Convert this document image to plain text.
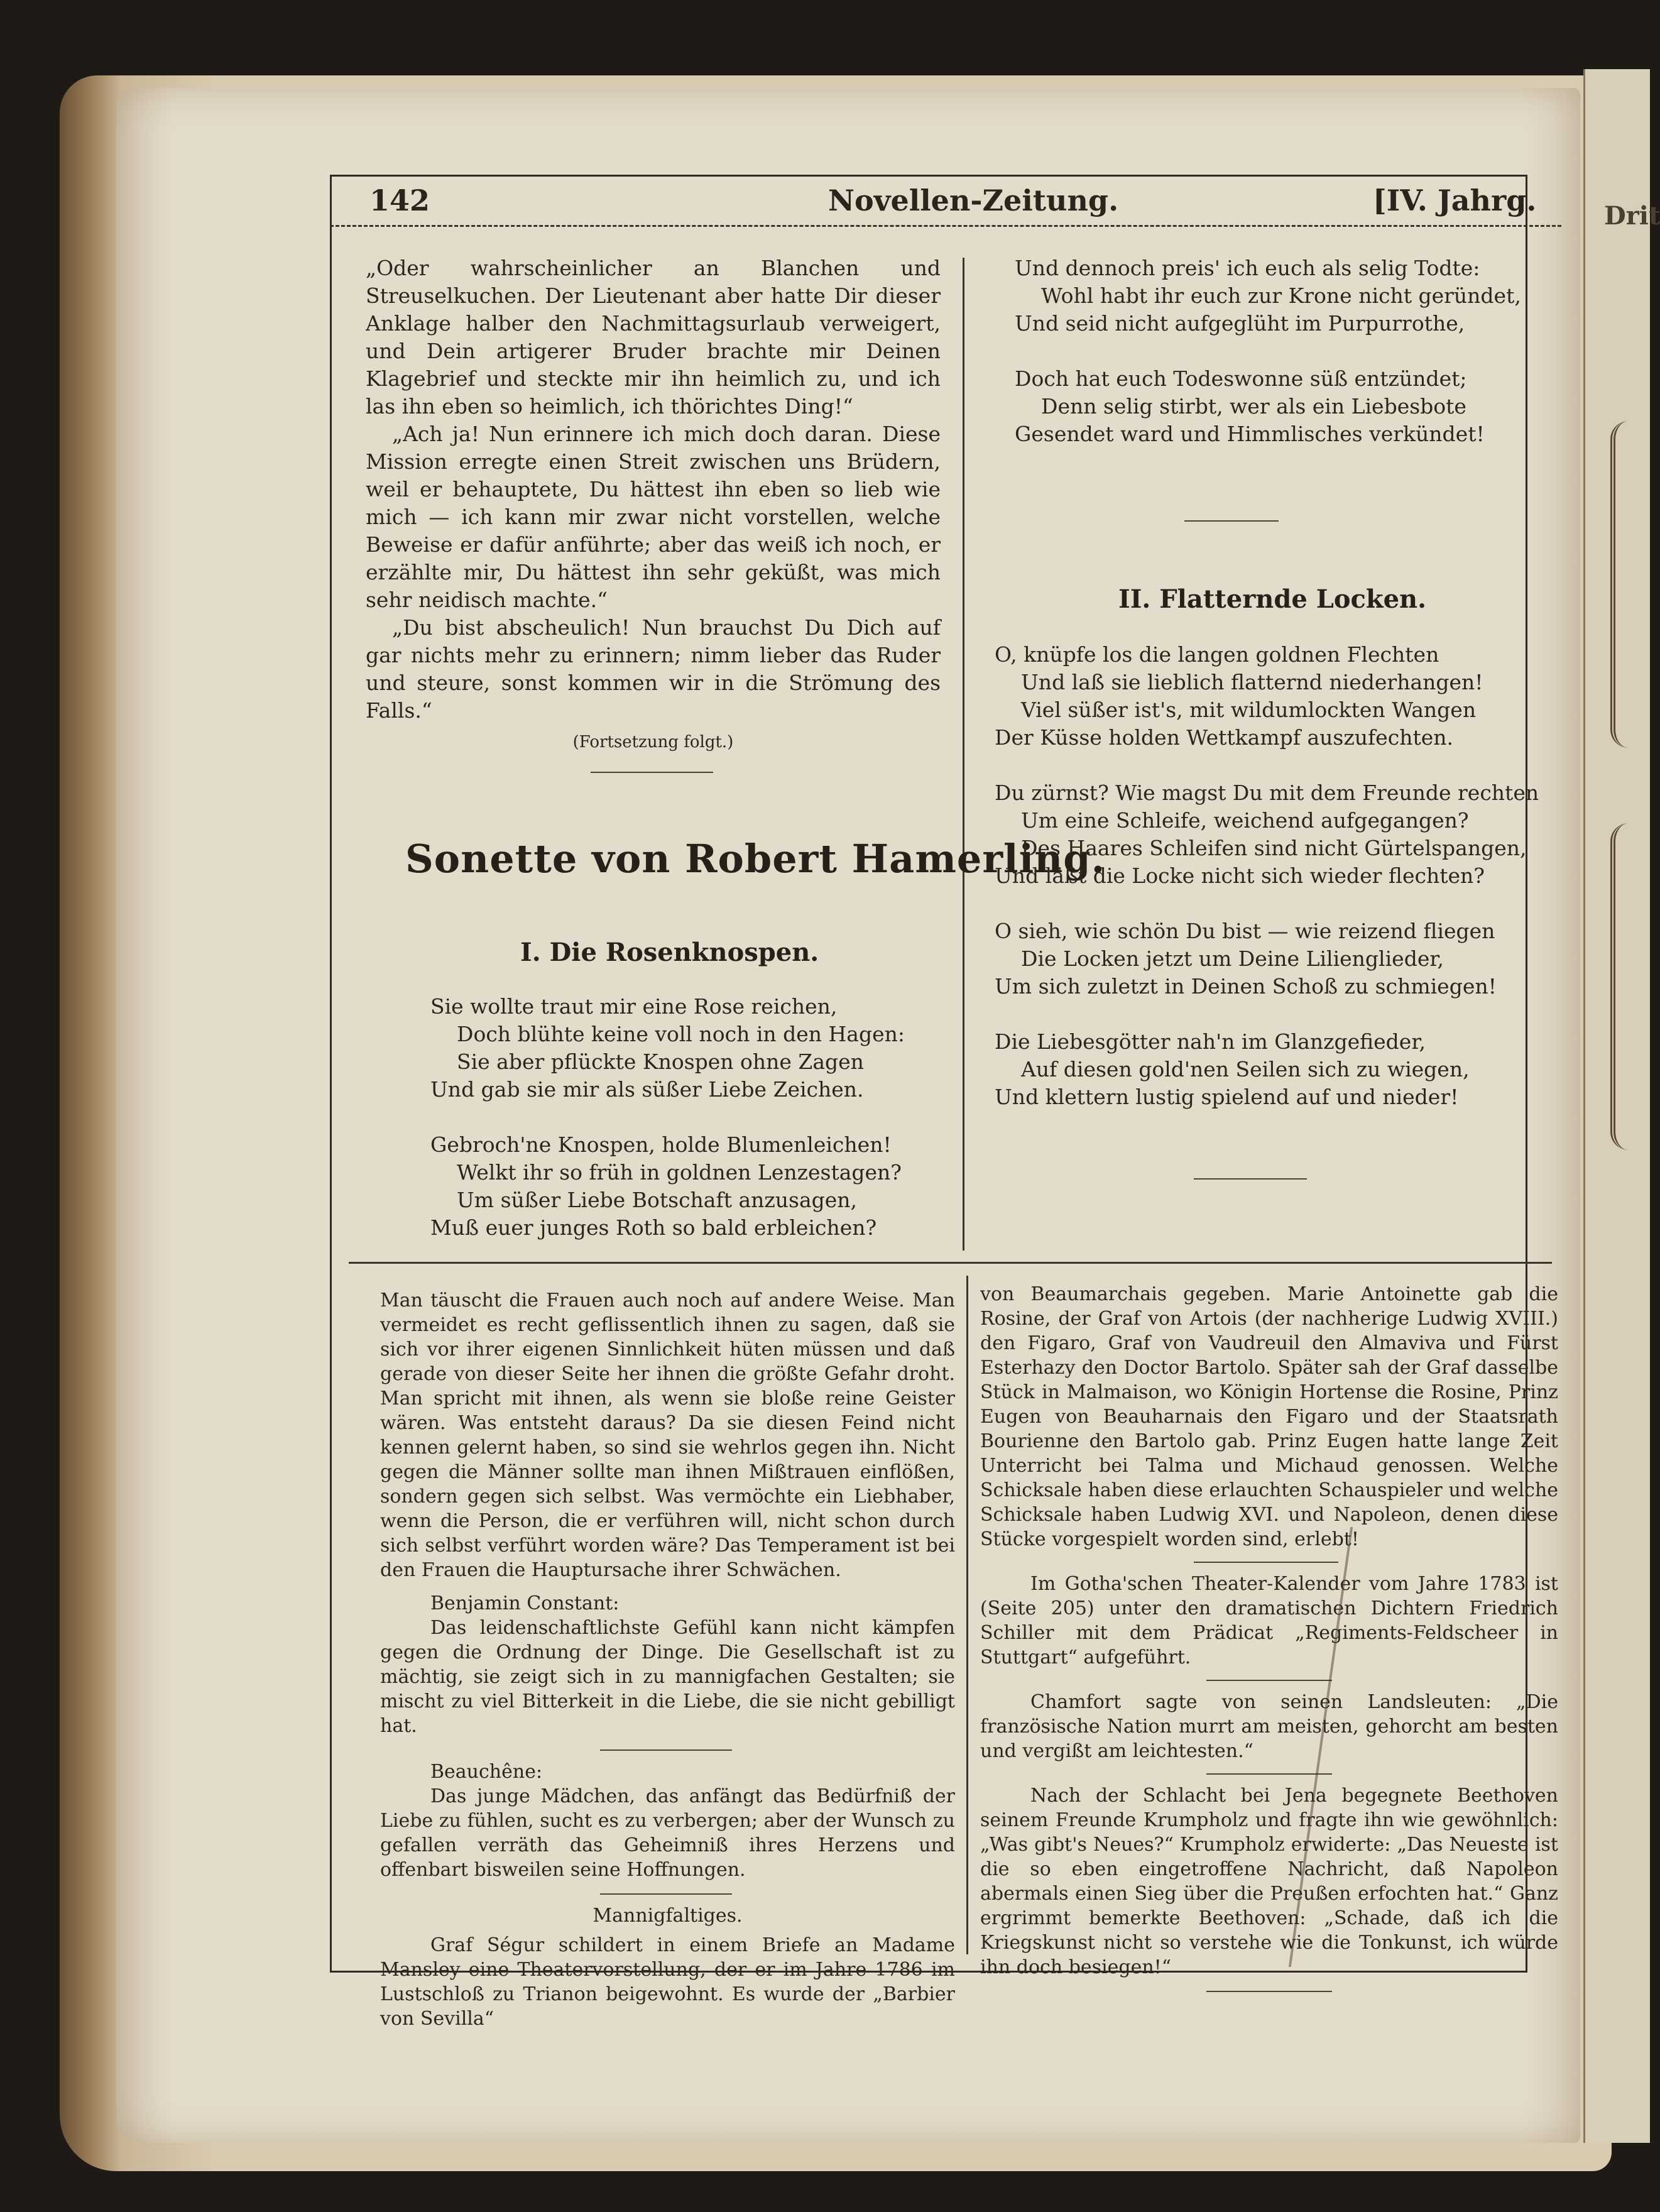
Drit
142	Novellen-Zeitung.	[IV. Jahrg.

„Oder wahrscheinlicher an Blanchen und Streuselkuchen. Der Lieutenant aber hatte Dir dieser Anklage halber den Nachmittagsurlaub verweigert, und Dein artigerer Bruder brachte mir Deinen Klagebrief und steckte mir ihn heimlich zu, und ich las ihn eben so heimlich, ich thörichtes Ding!“

„Ach ja! Nun erinnere ich mich doch daran. Diese Mission erregte einen Streit zwischen uns Brüdern, weil er behauptete, Du hättest ihn eben so lieb wie mich — ich kann mir zwar nicht vorstellen, welche Beweise er dafür anführte; aber das weiß ich noch, er erzählte mir, Du hättest ihn sehr geküßt, was mich sehr neidisch machte.“

„Du bist abscheulich! Nun brauchst Du Dich auf gar nichts mehr zu erinnern; nimm lieber das Ruder und steure, sonst kommen wir in die Strömung des Falls.“

(Fortsetzung folgt.)
Sonette von Robert Hamerling.
I. Die Rosenknospen.
Sie wollte traut mir eine Rose reichen,
Doch blühte keine voll noch in den Hagen:
Sie aber pflückte Knospen ohne Zagen
Und gab sie mir als süßer Liebe Zeichen.
Gebroch'ne Knospen, holde Blumenleichen!
Welkt ihr so früh in goldnen Lenzestagen?
Um süßer Liebe Botschaft anzusagen,
Muß euer junges Roth so bald erbleichen?
Und dennoch preis' ich euch als selig Todte:
Wohl habt ihr euch zur Krone nicht geründet,
Und seid nicht aufgeglüht im Purpurrothe,
Doch hat euch Todeswonne süß entzündet;
Denn selig stirbt, wer als ein Liebesbote
Gesendet ward und Himmlisches verkündet!
II. Flatternde Locken.
O, knüpfe los die langen goldnen Flechten
Und laß sie lieblich flatternd niederhangen!
Viel süßer ist's, mit wildumlockten Wangen
Der Küsse holden Wettkampf auszufechten.
Du zürnst? Wie magst Du mit dem Freunde rechten
Um eine Schleife, weichend aufgegangen?
Des Haares Schleifen sind nicht Gürtelspangen,
Und läßt die Locke nicht sich wieder flechten?
O sieh, wie schön Du bist — wie reizend fliegen
Die Locken jetzt um Deine Lilienglieder,
Um sich zuletzt in Deinen Schoß zu schmiegen!
Die Liebesgötter nah'n im Glanzgefieder,
Auf diesen gold'nen Seilen sich zu wiegen,
Und klettern lustig spielend auf und nieder!

Man täuscht die Frauen auch noch auf andere Weise. Man vermeidet es recht geflissentlich ihnen zu sagen, daß sie sich vor ihrer eigenen Sinnlichkeit hüten müssen und daß gerade von dieser Seite her ihnen die größte Gefahr droht. Man spricht mit ihnen, als wenn sie bloße reine Geister wären. Was entsteht daraus? Da sie diesen Feind nicht kennen gelernt haben, so sind sie wehrlos gegen ihn. Nicht gegen die Männer sollte man ihnen Mißtrauen einflößen, sondern gegen sich selbst. Was vermöchte ein Liebhaber, wenn die Person, die er verführen will, nicht schon durch sich selbst verführt worden wäre? Das Temperament ist bei den Frauen die Hauptursache ihrer Schwächen.

Benjamin Constant:

Das leidenschaftlichste Gefühl kann nicht kämpfen gegen die Ordnung der Dinge. Die Gesellschaft ist zu mächtig, sie zeigt sich in zu mannigfachen Gestalten; sie mischt zu viel Bitterkeit in die Liebe, die sie nicht gebilligt hat.

Beauchêne:

Das junge Mädchen, das anfängt das Bedürfniß der Liebe zu fühlen, sucht es zu verbergen; aber der Wunsch zu gefallen verräth das Geheimniß ihres Herzens und offenbart bisweilen seine Hoffnungen.

Mannigfaltiges.

Graf Ségur schildert in einem Briefe an Madame Mansley eine Theatervorstellung, der er im Jahre 1786 im Lustschloß zu Trianon beigewohnt. Es wurde der „Barbier von Sevilla“

von Beaumarchais gegeben. Marie Antoinette gab die Rosine, der Graf von Artois (der nachherige Ludwig XVIII.) den Figaro, Graf von Vaudreuil den Almaviva und Fürst Esterhazy den Doctor Bartolo. Später sah der Graf dasselbe Stück in Malmaison, wo Königin Hortense die Rosine, Prinz Eugen von Beauharnais den Figaro und der Staatsrath Bourienne den Bartolo gab. Prinz Eugen hatte lange Zeit Unterricht bei Talma und Michaud genossen. Welche Schicksale haben diese erlauchten Schauspieler und welche Schicksale haben Ludwig XVI. und Napoleon, denen diese Stücke vorgespielt worden sind, erlebt!

Im Gotha'schen Theater-Kalender vom Jahre 1783 ist (Seite 205) unter den dramatischen Dichtern Friedrich Schiller mit dem Prädicat „Regiments-Feldscheer in Stuttgart“ aufgeführt.

Chamfort sagte von seinen Landsleuten: „Die französische Nation murrt am meisten, gehorcht am besten und vergißt am leichtesten.“

Nach der Schlacht bei Jena begegnete Beethoven seinem Freunde Krumpholz und fragte ihn wie gewöhnlich: „Was gibt's Neues?“ Krumpholz erwiderte: „Das Neueste ist die so eben eingetroffene Nachricht, daß Napoleon abermals einen Sieg über die Preußen erfochten hat.“ Ganz ergrimmt bemerkte Beethoven: „Schade, daß ich die Kriegskunst nicht so verstehe wie die Tonkunst, ich würde ihn doch besiegen!“
